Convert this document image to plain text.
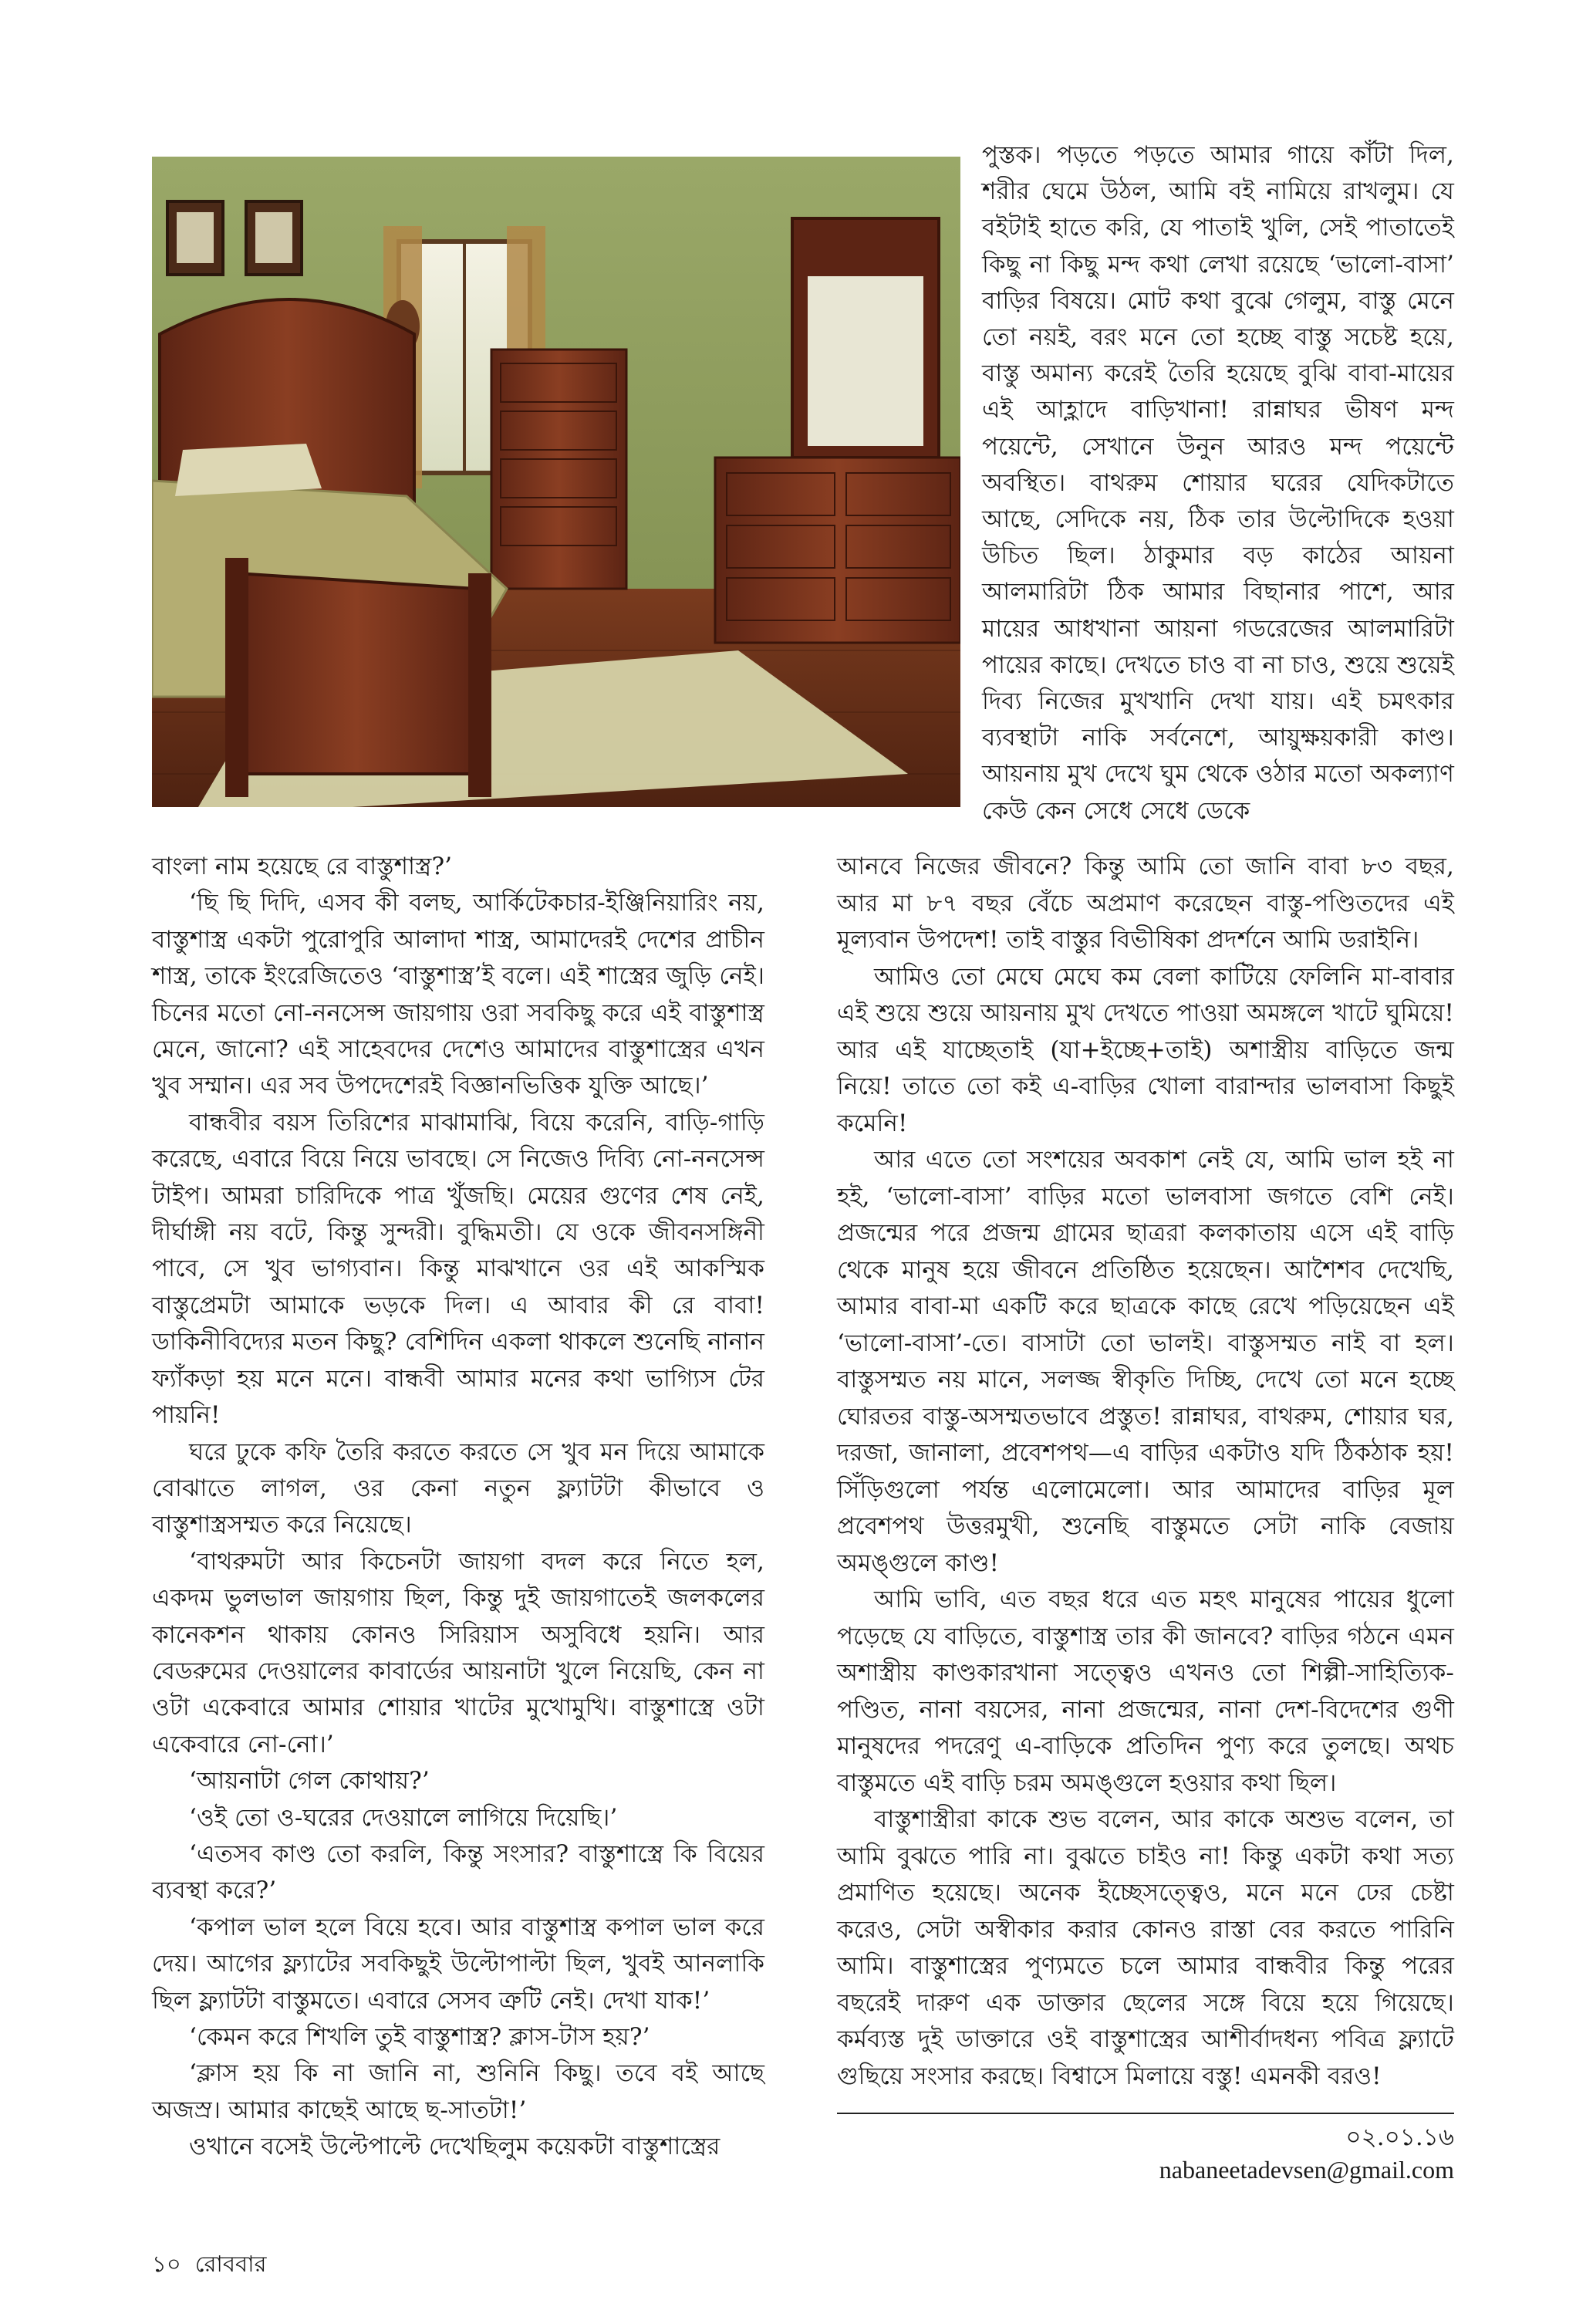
পুস্তক। পড়তে পড়তে আমার গায়ে কাঁটা দিল, শরীর ঘেমে উঠল, আমি বই নামিয়ে রাখলুম। যে বইটাই হাতে করি, যে পাতাই খুলি, সেই পাতাতেই কিছু না কিছু মন্দ কথা লেখা রয়েছে ‘ভালো-বাসা’ বাড়ির বিষয়ে। মোট কথা বুঝে গেলুম, বাস্তু মেনে তো নয়ই, বরং মনে তো হচ্ছে বাস্তু সচেষ্ট হয়ে, বাস্তু অমান্য করেই তৈরি হয়েছে বুঝি বাবা-মায়ের এই আহ্লাদে বাড়িখানা! রান্নাঘর ভীষণ মন্দ পয়েন্টে, সেখানে উনুন আরও মন্দ পয়েন্টে অবস্থিত। বাথরুম শোয়ার ঘরের যেদিকটাতে আছে, সেদিকে নয়, ঠিক তার উল্টোদিকে হওয়া উচিত ছিল। ঠাকুমার বড় কাঠের আয়না আলমারিটা ঠিক আমার বিছানার পাশে, আর মায়ের আধখানা আয়না গডরেজের আলমারিটা পায়ের কাছে। দেখতে চাও বা না চাও, শুয়ে শুয়েই দিব্য নিজের মুখখানি দেখা যায়। এই চমৎকার ব্যবস্থাটা নাকি সর্বনেশে, আয়ুক্ষয়কারী কাণ্ড। আয়নায় মুখ দেখে ঘুম থেকে ওঠার মতো অকল্যাণ কেউ কেন সেধে সেধে ডেকে

বাংলা নাম হয়েছে রে বাস্তুশাস্ত্র?’

‘ছি ছি দিদি, এসব কী বলছ, আর্কিটেকচার-ইঞ্জিনিয়ারিং নয়, বাস্তুশাস্ত্র একটা পুরোপুরি আলাদা শাস্ত্র, আমাদেরই দেশের প্রাচীন শাস্ত্র, তাকে ইংরেজিতেও ‘বাস্তুশাস্ত্র’ই বলে। এই শাস্ত্রের জুড়ি নেই। চিনের মতো নো-ননসেন্স জায়গায় ওরা সবকিছু করে এই বাস্তুশাস্ত্র মেনে, জানো? এই সাহেবদের দেশেও আমাদের বাস্তুশাস্ত্রের এখন খুব সম্মান। এর সব উপদেশেরই বিজ্ঞানভিত্তিক যুক্তি আছে।’

বান্ধবীর বয়স তিরিশের মাঝামাঝি, বিয়ে করেনি, বাড়ি-গাড়ি করেছে, এবারে বিয়ে নিয়ে ভাবছে। সে নিজেও দিব্যি নো-ননসেন্স টাইপ। আমরা চারিদিকে পাত্র খুঁজছি। মেয়ের গুণের শেষ নেই, দীর্ঘাঙ্গী নয় বটে, কিন্তু সুন্দরী। বুদ্ধিমতী। যে ওকে জীবনসঙ্গিনী পাবে, সে খুব ভাগ্যবান। কিন্তু মাঝখানে ওর এই আকস্মিক বাস্তুপ্রেমটা আমাকে ভড়কে দিল। এ আবার কী রে বাবা! ডাকিনীবিদ্যের মতন কিছু? বেশিদিন একলা থাকলে শুনেছি নানান ফ্যাঁকড়া হয় মনে মনে। বান্ধবী আমার মনের কথা ভাগ্যিস টের পায়নি!

ঘরে ঢুকে কফি তৈরি করতে করতে সে খুব মন দিয়ে আমাকে বোঝাতে লাগল, ওর কেনা নতুন ফ্ল্যাটটা কীভাবে ও বাস্তুশাস্ত্রসম্মত করে নিয়েছে।

‘বাথরুমটা আর কিচেনটা জায়গা বদল করে নিতে হল, একদম ভুলভাল জায়গায় ছিল, কিন্তু দুই জায়গাতেই জলকলের কানেকশন থাকায় কোনও সিরিয়াস অসুবিধে হয়নি। আর বেডরুমের দেওয়ালের কাবার্ডের আয়নাটা খুলে নিয়েছি, কেন না ওটা একেবারে আমার শোয়ার খাটের মুখোমুখি। বাস্তুশাস্ত্রে ওটা একেবারে নো-নো।’

‘আয়নাটা গেল কোথায়?’

‘ওই তো ও-ঘরের দেওয়ালে লাগিয়ে দিয়েছি।’

‘এতসব কাণ্ড তো করলি, কিন্তু সংসার? বাস্তুশাস্ত্রে কি বিয়ের ব্যবস্থা করে?’

‘কপাল ভাল হলে বিয়ে হবে। আর বাস্তুশাস্ত্র কপাল ভাল করে দেয়। আগের ফ্ল্যাটের সবকিছুই উল্টোপাল্টা ছিল, খুবই আনলাকি ছিল ফ্ল্যাটটা বাস্তুমতে। এবারে সেসব ত্রুটি নেই। দেখা যাক!’

‘কেমন করে শিখলি তুই বাস্তুশাস্ত্র? ক্লাস-টাস হয়?’

‘ক্লাস হয় কি না জানি না, শুনিনি কিছু। তবে বই আছে অজস্র। আমার কাছেই আছে ছ-সাতটা!’

ওখানে বসেই উল্টেপাল্টে দেখেছিলুম কয়েকটা বাস্তুশাস্ত্রের

আনবে নিজের জীবনে? কিন্তু আমি তো জানি বাবা ৮৩ বছর, আর মা ৮৭ বছর বেঁচে অপ্রমাণ করেছেন বাস্তু-পণ্ডিতদের এই মূল্যবান উপদেশ! তাই বাস্তুর বিভীষিকা প্রদর্শনে আমি ডরাইনি।

আমিও তো মেঘে মেঘে কম বেলা কাটিয়ে ফেলিনি মা-বাবার এই শুয়ে শুয়ে আয়নায় মুখ দেখতে পাওয়া অমঙ্গলে খাটে ঘুমিয়ে! আর এই যাচ্ছেতাই (যা+ইচ্ছে+তাই) অশাস্ত্রীয় বাড়িতে জন্ম নিয়ে! তাতে তো কই এ-বাড়ির খোলা বারান্দার ভালবাসা কিছুই কমেনি!

আর এতে তো সংশয়ের অবকাশ নেই যে, আমি ভাল হই না হই, ‘ভালো-বাসা’ বাড়ির মতো ভালবাসা জগতে বেশি নেই। প্রজন্মের পরে প্রজন্ম গ্রামের ছাত্ররা কলকাতায় এসে এই বাড়ি থেকে মানুষ হয়ে জীবনে প্রতিষ্ঠিত হয়েছেন। আশৈশব দেখেছি, আমার বাবা-মা একটি করে ছাত্রকে কাছে রেখে পড়িয়েছেন এই ‘ভালো-বাসা’-তে। বাসাটা তো ভালই। বাস্তুসম্মত নাই বা হল। বাস্তুসম্মত নয় মানে, সলজ্জ স্বীকৃতি দিচ্ছি, দেখে তো মনে হচ্ছে ঘোরতর বাস্তু-অসম্মতভাবে প্রস্তুত! রান্নাঘর, বাথরুম, শোয়ার ঘর, দরজা, জানালা, প্রবেশপথ—এ বাড়ির একটাও যদি ঠিকঠাক হয়! সিঁড়িগুলো পর্যন্ত এলোমেলো। আর আমাদের বাড়ির মূল প্রবেশপথ উত্তরমুখী, শুনেছি বাস্তুমতে সেটা নাকি বেজায় অমঙ্গুলে কাণ্ড!

আমি ভাবি, এত বছর ধরে এত মহৎ মানুষের পায়ের ধুলো পড়েছে যে বাড়িতে, বাস্তুশাস্ত্র তার কী জানবে? বাড়ির গঠনে এমন অশাস্ত্রীয় কাণ্ডকারখানা সত্ত্বেও এখনও তো শিল্পী-সাহিত্যিক-পণ্ডিত, নানা বয়সের, নানা প্রজন্মের, নানা দেশ-বিদেশের গুণী মানুষদের পদরেণু এ-বাড়িকে প্রতিদিন পুণ্য করে তুলছে। অথচ বাস্তুমতে এই বাড়ি চরম অমঙ্গুলে হওয়ার কথা ছিল।

বাস্তুশাস্ত্রীরা কাকে শুভ বলেন, আর কাকে অশুভ বলেন, তা আমি বুঝতে পারি না। বুঝতে চাইও না! কিন্তু একটা কথা সত্য প্রমাণিত হয়েছে। অনেক ইচ্ছেসত্ত্বেও, মনে মনে ঢের চেষ্টা করেও, সেটা অস্বীকার করার কোনও রাস্তা বের করতে পারিনি আমি। বাস্তুশাস্ত্রের পুণ্যমতে চলে আমার বান্ধবীর কিন্তু পরের বছরেই দারুণ এক ডাক্তার ছেলের সঙ্গে বিয়ে হয়ে গিয়েছে। কর্মব্যস্ত দুই ডাক্তারে ওই বাস্তুশাস্ত্রের আশীর্বাদধন্য পবিত্র ফ্ল্যাটে গুছিয়ে সংসার করছে। বিশ্বাসে মিলায়ে বস্তু! এমনকী বরও!

০২.০১.১৬
nabaneetadevsen@gmail.com
১০ রোববার
